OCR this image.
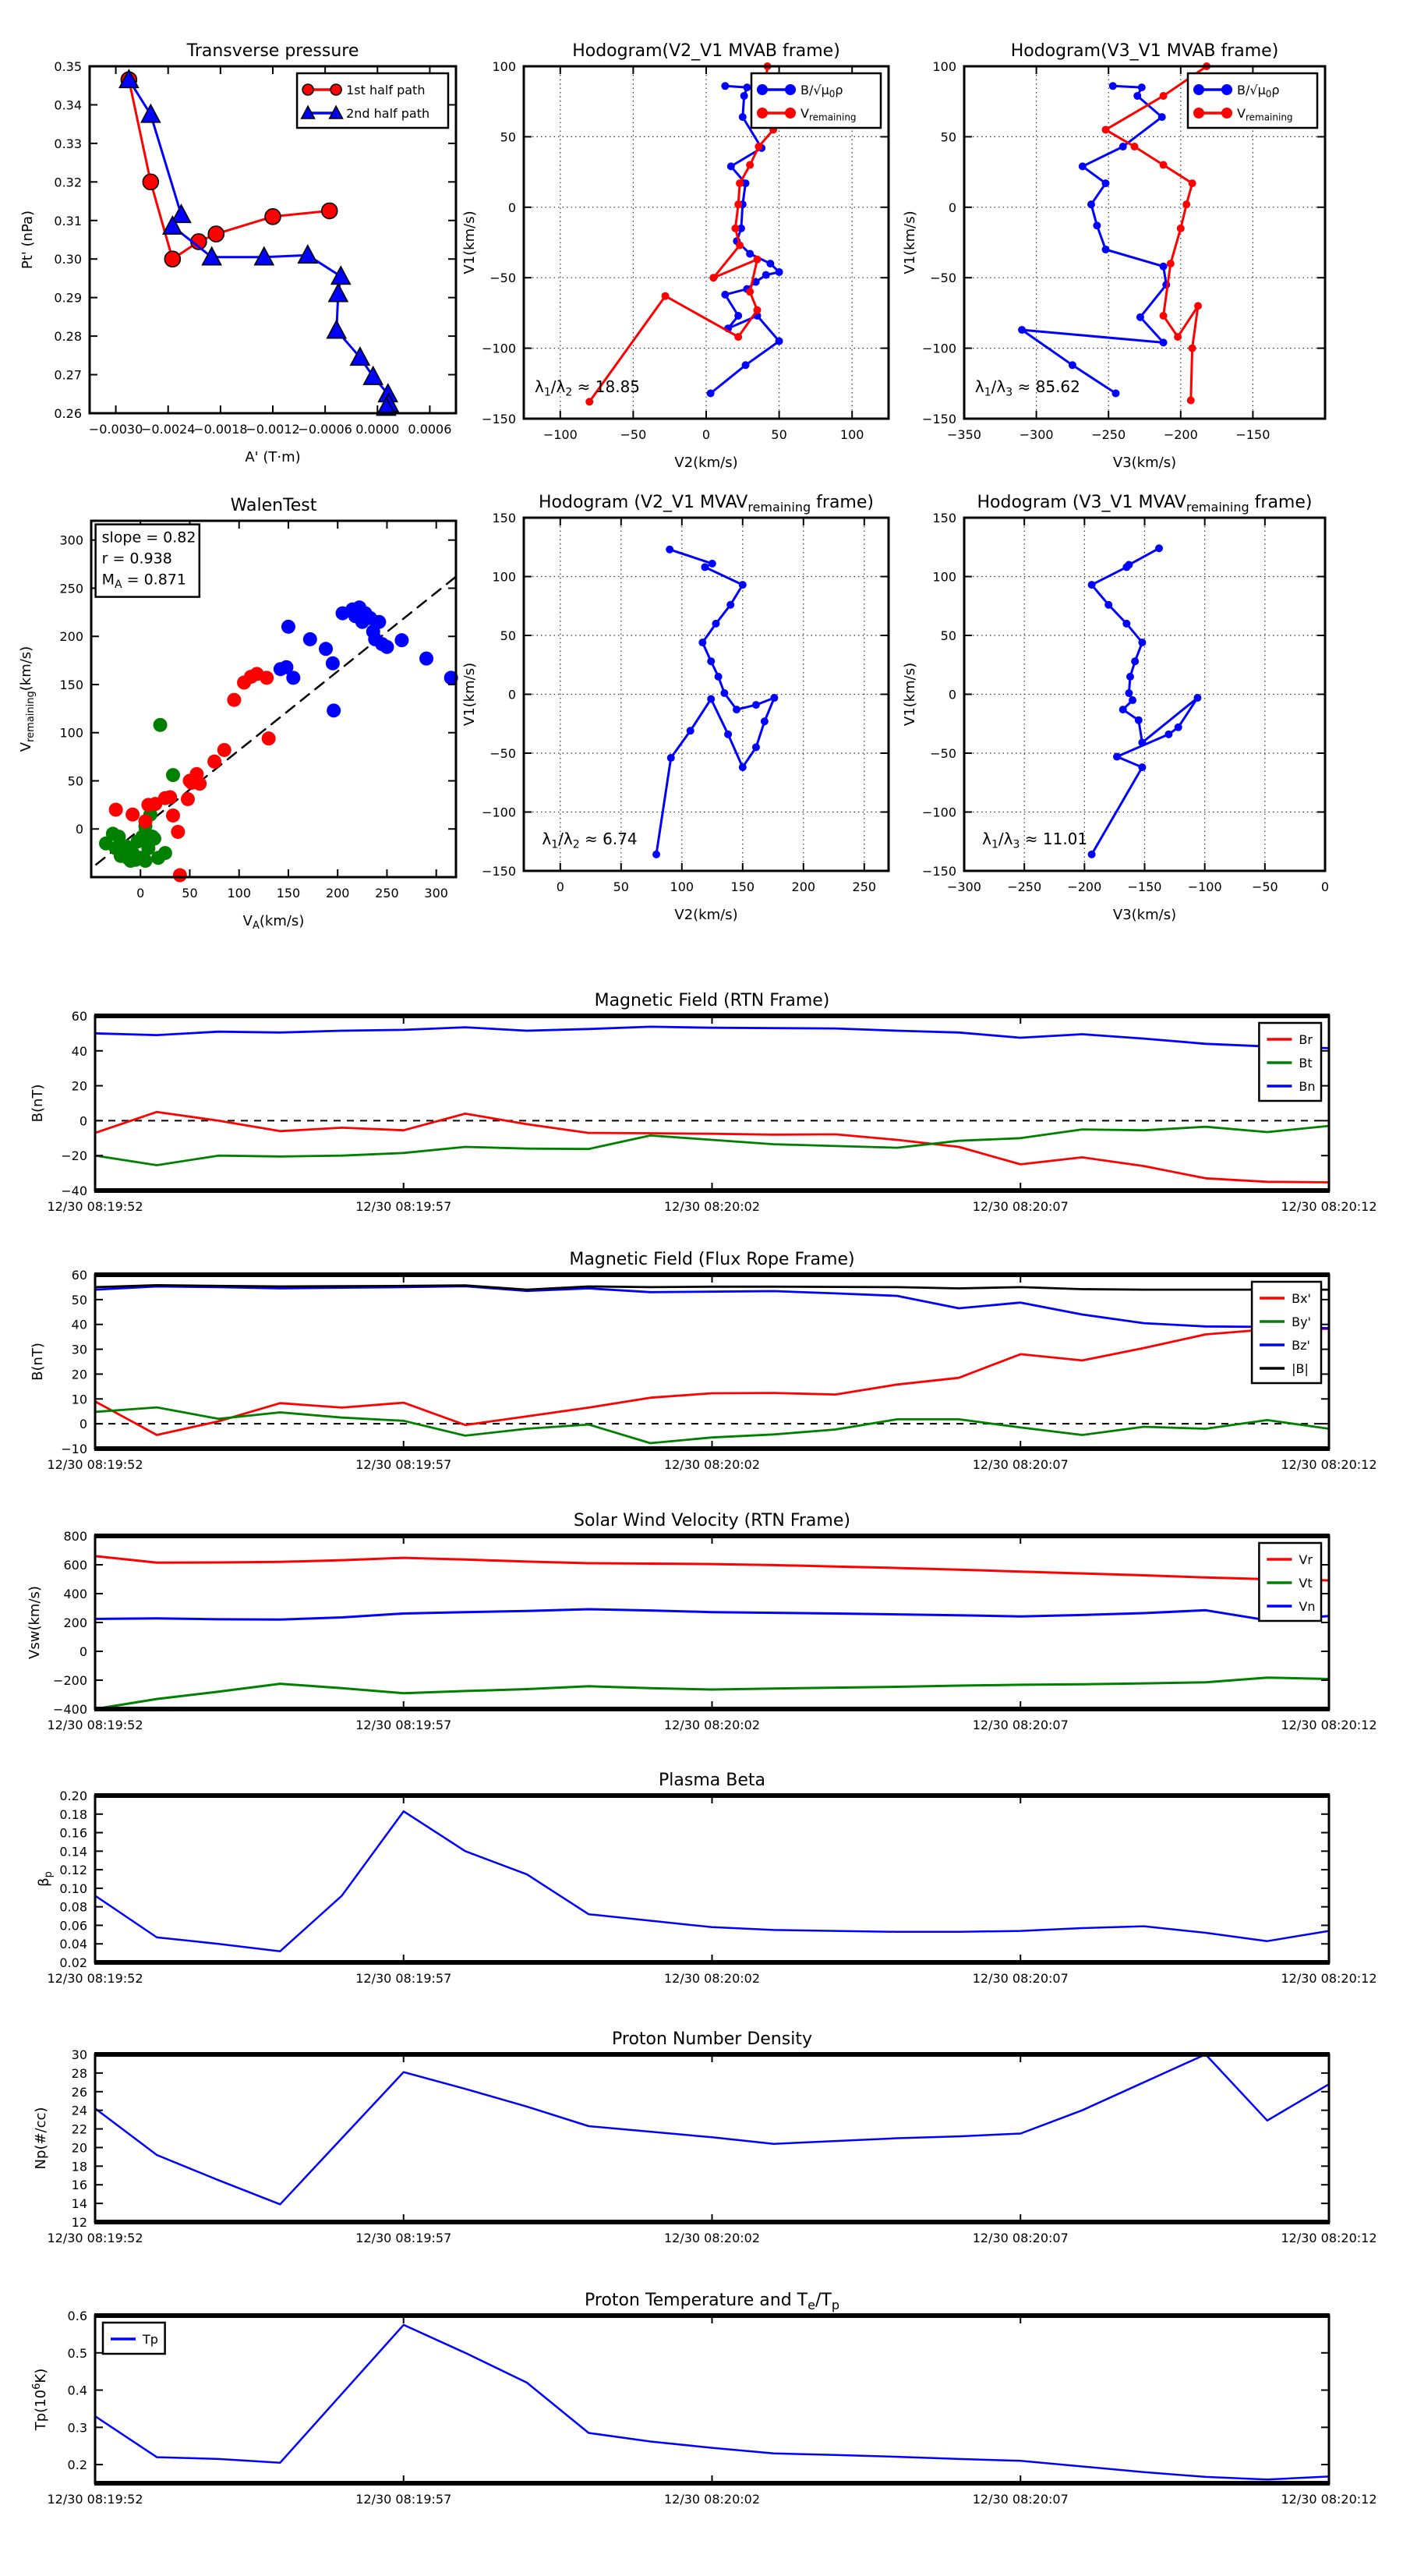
−0.0030
−0.0024
−0.0018
−0.0012
−0.0006 0.0000 0.0006
0.26
0.27
0.28
0.29
0.30
0.31
0.32
0.33
0.34
0.35
Transverse pressure
A' (T·m)
Pt' (nPa)
1st half path
2nd half path
−100	−50	0	50	100
−150
−100
−50
0
50
100
Hodogram(V2_V1 MVAB frame)
V2(km/s)
V1(km/s)
$\lambda_1/\lambda_2 \approx 18.85$
$B/√\mu_0\rho$
$V_{remaining}$
−350	−300	−250	−200	−150
−150
−100
−50
0
50
100
Hodogram(V3_V1 MVAB frame)
V3(km/s)
V1(km/s)
$\lambda_1/\lambda_3 \approx 85.62$
$B/√\mu_0\rho$
$V_{remaining}$
0	50 100 150 200 250 300
0
50
100
150
200
250
300
WalenTest
$V_A(km/s)$
$V_{remaining}(km/s)$
slope = 0.82
r = 0.938
$M_A = 0.871$
0	50	100	150	200	250
−150
−100
−50
0
50
100
150
Hodogram (V2_V1 $MVAV_{remaining}$ frame)
V2(km/s)
V1(km/s)
$\lambda_1/\lambda_2 \approx 6.74$
−300 −250 −200 −150 −100 −50	0
−150
−100
−50
0
50
100
150
Hodogram (V3_V1 $MVAV_{remaining}$ frame)
V3(km/s)
V1(km/s)
$\lambda_1/\lambda_3 \approx 11.01$
12/30 08:19:52	12/30 08:19:57	12/30 08:20:02	12/30 08:20:07	12/30 08:20:12
−40
−20
0
20
40
60
Magnetic Field (RTN Frame)
B(nT)
Br
Bt
Bn
12/30 08:19:52	12/30 08:19:57	12/30 08:20:02	12/30 08:20:07	12/30 08:20:12
−10
0
10
20
30
40
50
60
Magnetic Field (Flux Rope Frame)
B(nT)
Bx'
By'
Bz'
|B|
12/30 08:19:52	12/30 08:19:57	12/30 08:20:02	12/30 08:20:07	12/30 08:20:12
−400
−200
0
200
400
600
800
Solar Wind Velocity (RTN Frame)
Vsw(km/s)
Vr
Vt
Vn
12/30 08:19:52	12/30 08:19:57	12/30 08:20:02	12/30 08:20:07	12/30 08:20:12
0.02
0.04
0.06
0.08
0.10
0.12
0.14
0.16
0.18
0.20
Plasma Beta
$\beta_p$
12/30 08:19:52	12/30 08:19:57	12/30 08:20:02	12/30 08:20:07	12/30 08:20:12
12
14
16
18
20
22
24
26
28
30
Proton Number Density
Np(#/cc)
12/30 08:19:52	12/30 08:19:57	12/30 08:20:02	12/30 08:20:07	12/30 08:20:12
0.2
0.3
0.4
0.5
0.6
Proton Temperature and $T_e/T_p$
$Tp(10^6K)$
Tp
